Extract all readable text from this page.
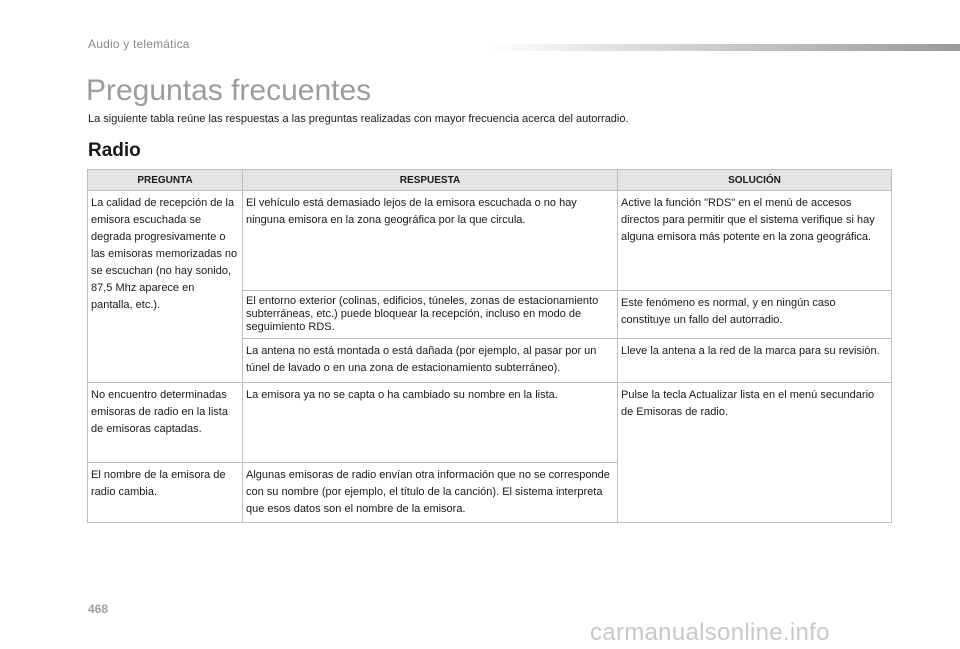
Audio y telemática
Preguntas frecuentes
La siguiente tabla reúne las respuestas a las preguntas realizadas con mayor frecuencia acerca del autorradio.
Radio
PREGUNTA	RESPUESTA	SOLUCIÓN
La calidad de recepción de la emisora escuchada se degrada progresivamente o las emisoras memorizadas no se escuchan (no hay sonido, 87,5 Mhz aparece en pantalla, etc.).	El vehículo está demasiado lejos de la emisora escuchada o no hay ninguna emisora en la zona geográfica por la que circula.	Active la función "RDS" en el menú de accesos directos para permitir que el sistema verifique si hay alguna emisora más potente en la zona geográfica.
	El entorno exterior (colinas, edificios, túneles, zonas de estacionamiento subterráneas, etc.) puede bloquear la recepción, incluso en modo de seguimiento RDS.	Este fenómeno es normal, y en ningún caso constituye un fallo del autorradio.
	La antena no está montada o está dañada (por ejemplo, al pasar por un túnel de lavado o en una zona de estacionamiento subterráneo).	Lleve la antena a la red de la marca para su revisión.
No encuentro determinadas emisoras de radio en la lista de emisoras captadas.	La emisora ya no se capta o ha cambiado su nombre en la lista.	Pulse la tecla Actualizar lista en el menú secundario de Emisoras de radio.
El nombre de la emisora de radio cambia.	Algunas emisoras de radio envían otra información que no se corresponde con su nombre (por ejemplo, el título de la canción). El sistema interpreta que esos datos son el nombre de la emisora.	
468
carmanualsonline.info
